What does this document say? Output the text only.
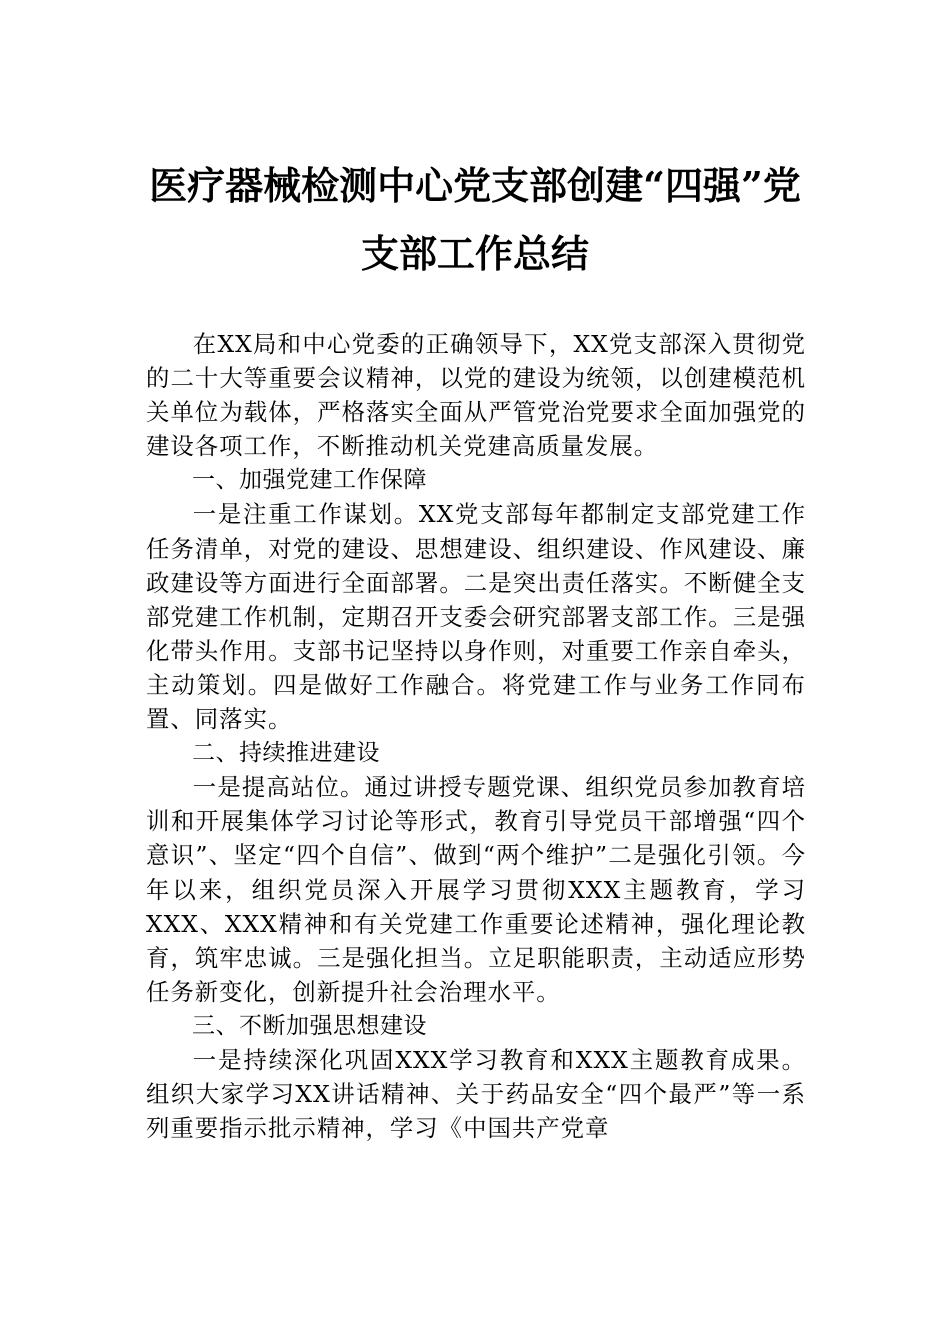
医疗器械检测中心党支部创建“四强”党
支部工作总结

在XX局和中心党委的正确领导下，XX党支部深入贯彻党的二十大等重要会议精神，以党的建设为统领，以创建模范机关单位为载体，严格落实全面从严管党治党要求全面加强党的建设各项工作，不断推动机关党建高质量发展。

一、加强党建工作保障

一是注重工作谋划。XX党支部每年都制定支部党建工作任务清单，对党的建设、思想建设、组织建设、作风建设、廉政建设等方面进行全面部署。二是突出责任落实。不断健全支部党建工作机制，定期召开支委会研究部署支部工作。三是强化带头作用。支部书记坚持以身作则，对重要工作亲自牵头，主动策划。四是做好工作融合。将党建工作与业务工作同布置、同落实。

二、持续推进建设

一是提高站位。通过讲授专题党课、组织党员参加教育培训和开展集体学习讨论等形式，教育引导党员干部增强“四个意识”、坚定“四个自信”、做到“两个维护”二是强化引领。今年以来，组织党员深入开展学习贯彻XXX主题教育，学习XXX、XXX精神和有关党建工作重要论述精神，强化理论教育，筑牢忠诚。三是强化担当。立足职能职责，主动适应形势任务新变化，创新提升社会治理水平。

三、不断加强思想建设

一是持续深化巩固XXX学习教育和XXX主题教育成果。组织大家学习XX讲话精神、关于药品安全“四个最严”等一系列重要指示批示精神，学习《中国共产党章
